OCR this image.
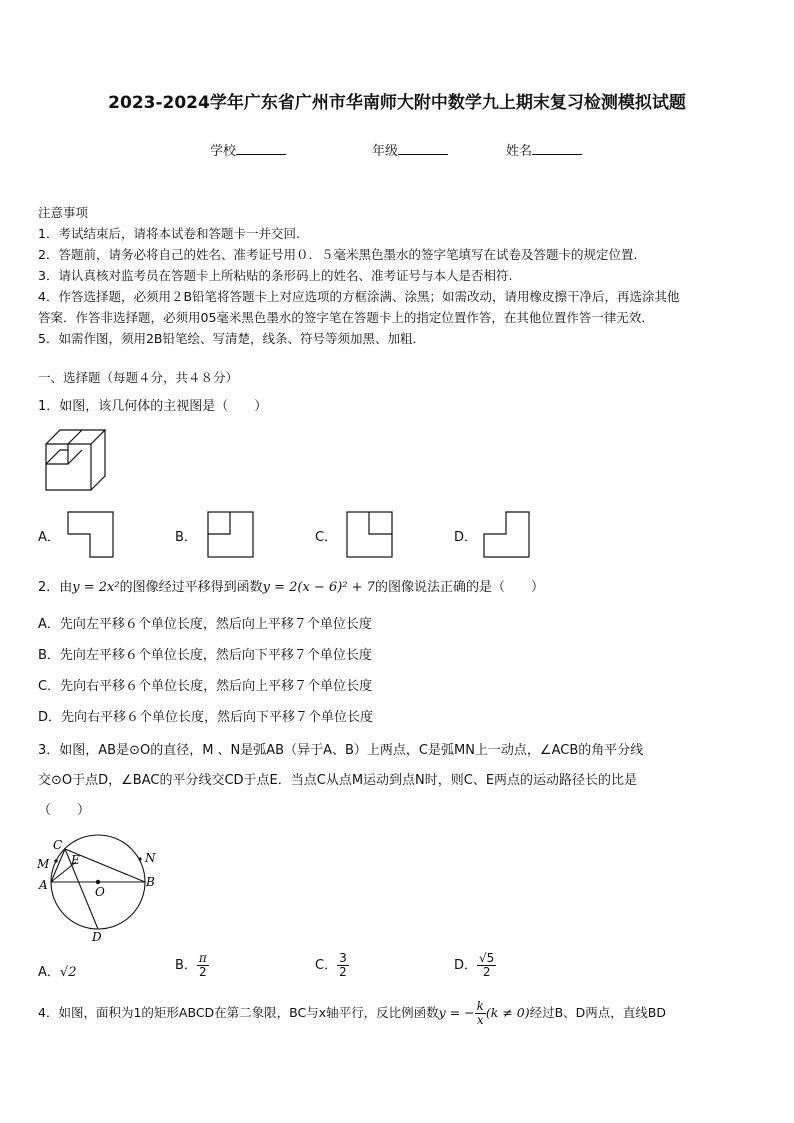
2023-2024学年广东省广州市华南师大附中数学九上期末复习检测模拟试题
学校	年级	姓名
注意事项
1．考试结束后，请将本试卷和答题卡一并交回.
2．答题前，请务必将自己的姓名、准考证号用０．５毫米黑色墨水的签字笔填写在试卷及答题卡的规定位置.
3．请认真核对监考员在答题卡上所粘贴的条形码上的姓名、准考证号与本人是否相符.
4．作答选择题，必须用２B铅笔将答题卡上对应选项的方框涂满、涂黑；如需改动，请用橡皮擦干净后，再选涂其他
答案．作答非选择题，必须用05毫米黑色墨水的签字笔在答题卡上的指定位置作答，在其他位置作答一律无效．
5．如需作图，须用2B铅笔绘、写清楚，线条、符号等须加黑、加粗．
一、选择题（每题４分，共４８分）
1．如图，该几何体的主视图是（　　）
A．	B．	C．	D．
2．由y = 2x²的图像经过平移得到函数y = 2(x − 6)² + 7的图像说法正确的是（　　）
A．先向左平移６个单位长度，然后向上平移７个单位长度
B．先向左平移６个单位长度，然后向下平移７个单位长度
C．先向右平移６个单位长度，然后向上平移７个单位长度
D．先向右平移６个单位长度，然后向下平移７个单位长度
3．如图，AB是⊙O的直径，M 、N是弧AB（异于A、B）上两点，C是弧MN上一动点，∠ACB的角平分线
交⊙O于点D，∠BAC的平分线交CD于点E．当点C从点M运动到点N时，则C、E两点的运动路径长的比是
（　　）
C
M E	N
A	B
O
D
A．√2	B． $\frac{\pi}{2}$	C． $\frac{3}{2}$	D． $\frac{√5}{2}$
4．如图，面积为1的矩形ABCD在第二象限，BC与x轴平行，反比例函数y = − $\frac{k}{x} (k \ne 0)$经过B、D两点，直线BD
